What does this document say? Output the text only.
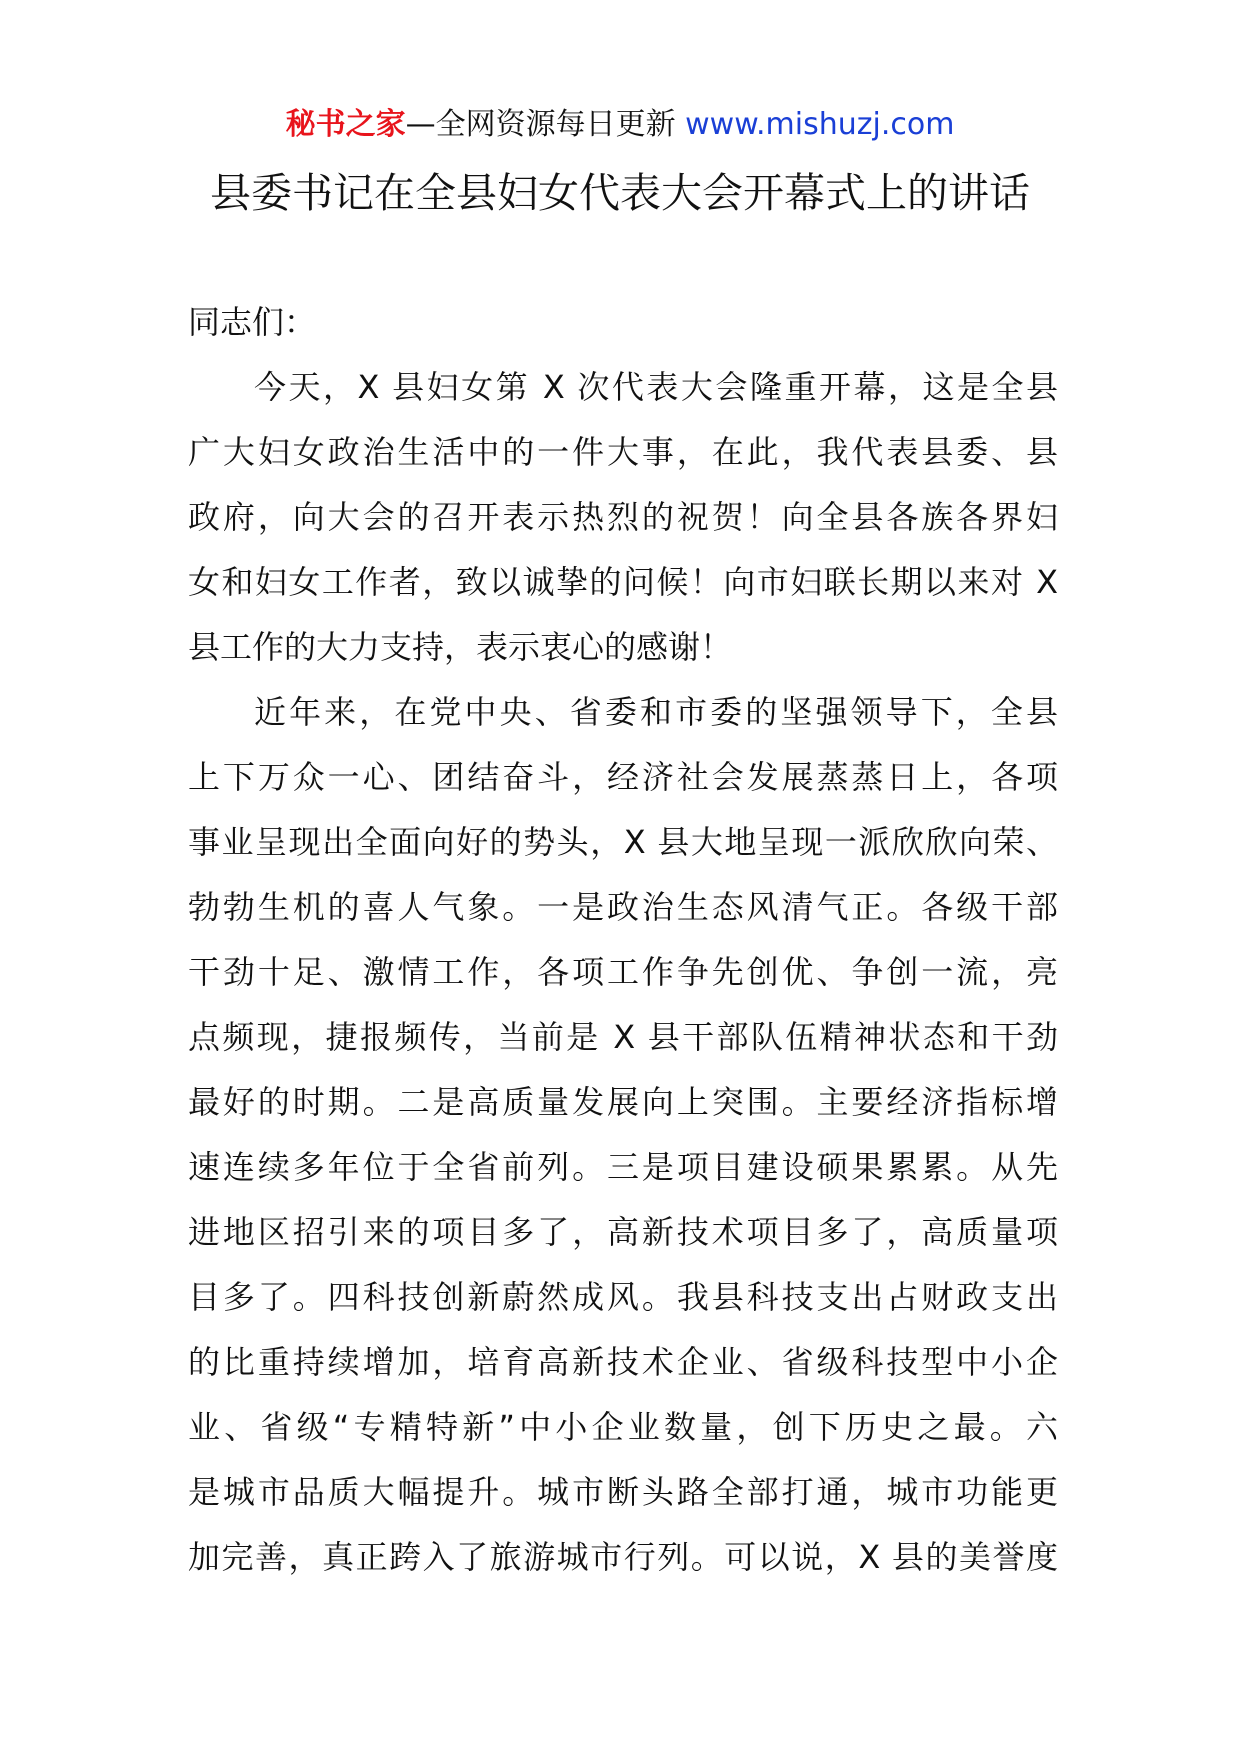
秘书之家—全网资源每日更新 www.mishuzj.com
县委书记在全县妇女代表大会开幕式上的讲话
同志们：
今天，X 县妇女第 X 次代表大会隆重开幕，这是全县
广大妇女政治生活中的一件大事，在此，我代表县委、县
政府，向大会的召开表示热烈的祝贺！向全县各族各界妇
女和妇女工作者，致以诚挚的问候！向市妇联长期以来对 X
县工作的大力支持，表示衷心的感谢！
近年来，在党中央、省委和市委的坚强领导下，全县
上下万众一心、团结奋斗，经济社会发展蒸蒸日上，各项
事业呈现出全面向好的势头，X 县大地呈现一派欣欣向荣、
勃勃生机的喜人气象。一是政治生态风清气正。各级干部
干劲十足、激情工作，各项工作争先创优、争创一流，亮
点频现，捷报频传，当前是 X 县干部队伍精神状态和干劲
最好的时期。二是高质量发展向上突围。主要经济指标增
速连续多年位于全省前列。三是项目建设硕果累累。从先
进地区招引来的项目多了，高新技术项目多了，高质量项
目多了。四科技创新蔚然成风。我县科技支出占财政支出
的比重持续增加，培育高新技术企业、省级科技型中小企
业、省级“专精特新”中小企业数量，创下历史之最。六
是城市品质大幅提升。城市断头路全部打通，城市功能更
加完善，真正跨入了旅游城市行列。可以说，X 县的美誉度
